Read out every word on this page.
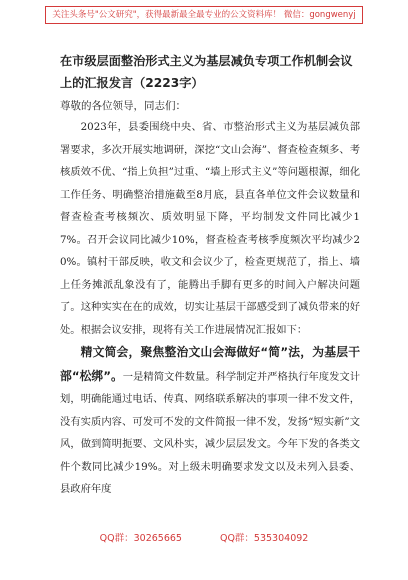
关注头条号"公文研究"，获得最新最全最专业的公文资料库！ 微信：gongwenyj
在市级层面整治形式主义为基层减负专项工作机制会议上的汇报发言（2223字）
尊敬的各位领导，同志们：

2023年，县委围绕中央、省、市整治形式主义为基层减负部署要求，多次开展实地调研，深挖“文山会海”、督查检查频多、考核质效不优、“指上负担”过重、“墙上形式主义”等问题根源，细化工作任务、明确整治措施截至8月底，县直各单位文件会议数量和督查检查考核频次、质效明显下降，平均制发文件同比减少17%。召开会议同比减少10%，督查检查考核季度频次平均减少20%。镇村干部反映，收文和会议少了，检查更规范了，指上、墙上任务摊派乱象没有了，能腾出手脚有更多的时间入户解决问题了。这种实实在在的成效，切实让基层干部感受到了减负带来的好处。根据会议安排，现将有关工作进展情况汇报如下：

精文简会，聚焦整治文山会海做好“简”法，为基层干部“松绑”。一是精简文件数量。科学制定并严格执行年度发文计划，明确能通过电话、传真、网络联系解决的事项一律不发文件，没有实质内容、可发可不发的文件简报一律不发，发扬“短实新”文风，做到简明扼要、文风朴实，减少层层发文。今年下发的各类文件个数同比减少19%。对上级未明确要求发文以及未列入县委、县政府年度

QQ群：30265665	QQ群：535304092
